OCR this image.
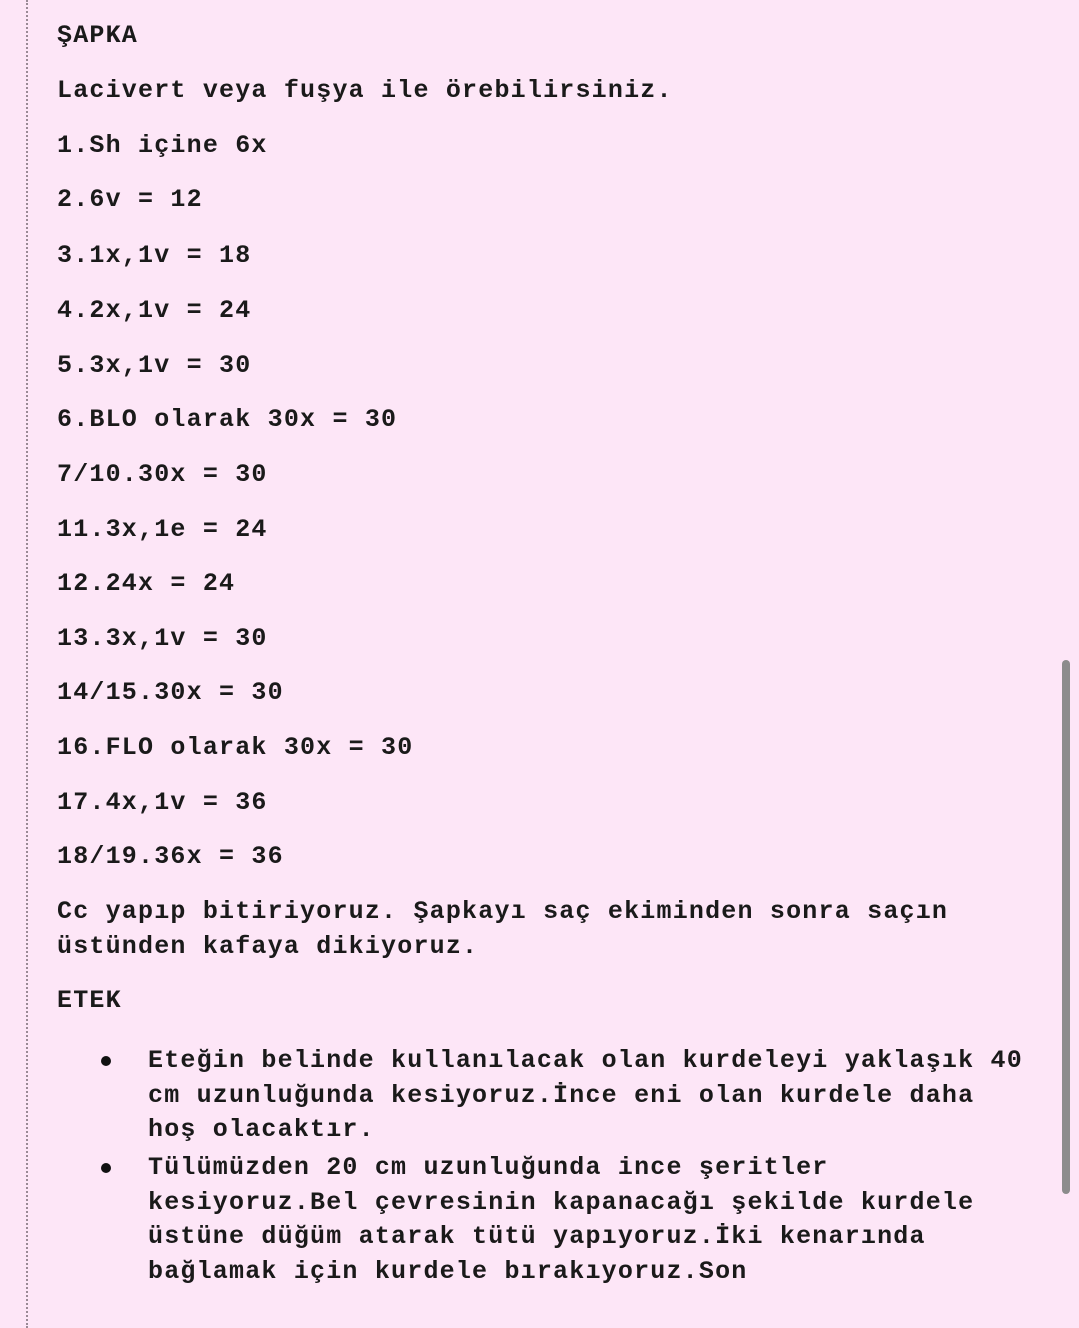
ŞAPKA
Lacivert veya fuşya ile örebilirsiniz.
1.Sh içine 6x
2.6v = 12
3.1x,1v = 18
4.2x,1v = 24
5.3x,1v = 30
6.BLO olarak 30x = 30
7/10.30x = 30
11.3x,1e = 24
12.24x = 24
13.3x,1v = 30
14/15.30x = 30
16.FLO olarak 30x = 30
17.4x,1v = 36
18/19.36x = 36
Cc yapıp bitiriyoruz. Şapkayı saç ekiminden sonra saçın üstünden kafaya dikiyoruz.
ETEK
Eteğin belinde kullanılacak olan kurdeleyi yaklaşık 40 cm uzunluğunda kesiyoruz.İnce eni olan kurdele daha hoş olacaktır.
Tülümüzden 20 cm uzunluğunda ince şeritler kesiyoruz.Bel çevresinin kapanacağı şekilde kurdele üstüne düğüm atarak tütü yapıyoruz.İki kenarında bağlamak için kurdele bırakıyoruz.Son
